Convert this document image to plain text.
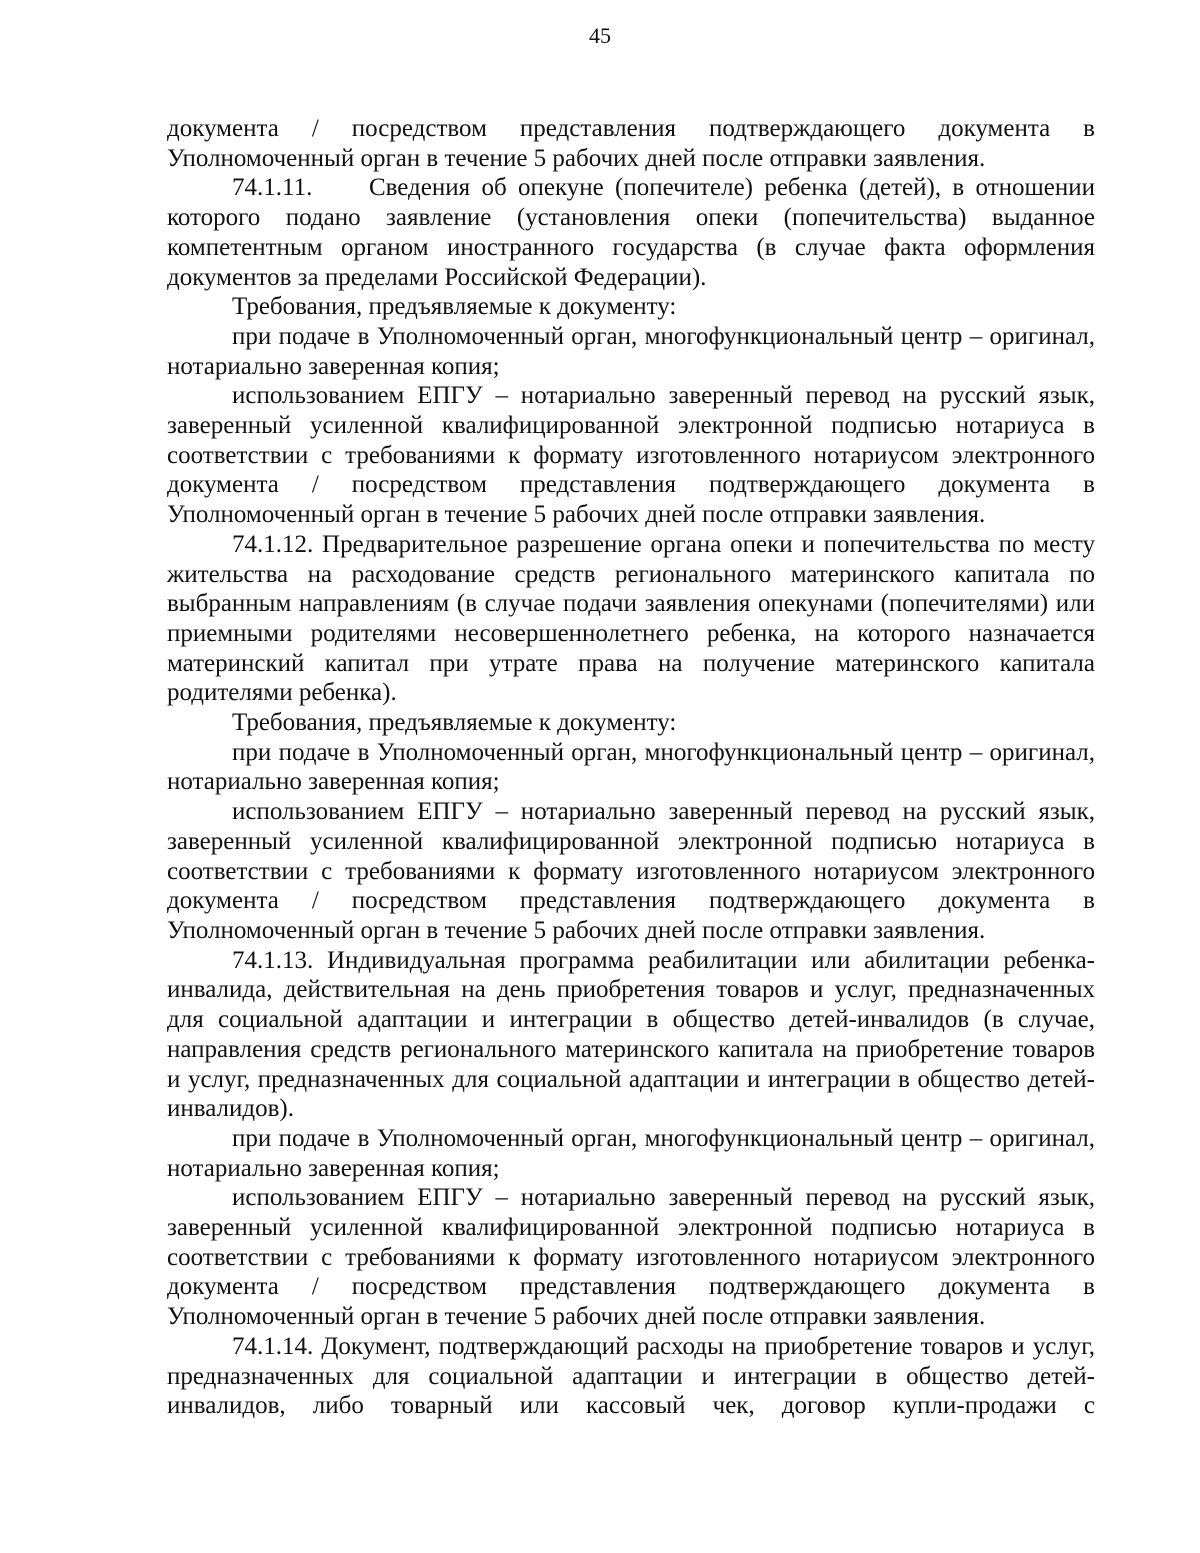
45

документа / посредством представления подтверждающего документа в Уполномоченный орган в течение 5 рабочих дней после отправки заявления.

74.1.11.     Сведения об опекуне (попечителе) ребенка (детей), в отношении которого подано заявление (установления опеки (попечительства) выданное компетентным органом иностранного государства (в случае факта оформления документов за пределами Российской Федерации).

Требования, предъявляемые к документу:

при подаче в Уполномоченный орган, многофункциональный центр – оригинал, нотариально заверенная копия;

использованием ЕПГУ – нотариально заверенный перевод на русский язык, заверенный усиленной квалифицированной электронной подписью нотариуса в соответствии с требованиями к формату изготовленного нотариусом электронного документа / посредством представления подтверждающего документа в Уполномоченный орган в течение 5 рабочих дней после отправки заявления.

74.1.12. Предварительное разрешение органа опеки и попечительства по месту жительства на расходование средств регионального материнского капитала по выбранным направлениям (в случае подачи заявления опекунами (попечителями) или приемными родителями несовершеннолетнего ребенка, на которого назначается материнский капитал при утрате права на получение материнского капитала родителями ребенка).

Требования, предъявляемые к документу:

при подаче в Уполномоченный орган, многофункциональный центр – оригинал, нотариально заверенная копия;

использованием ЕПГУ – нотариально заверенный перевод на русский язык, заверенный усиленной квалифицированной электронной подписью нотариуса в соответствии с требованиями к формату изготовленного нотариусом электронного документа / посредством представления подтверждающего документа в Уполномоченный орган в течение 5 рабочих дней после отправки заявления.

74.1.13. Индивидуальная программа реабилитации или абилитации ребенка-инвалида, действительная на день приобретения товаров и услуг, предназначенных для социальной адаптации и интеграции в общество детей-инвалидов (в случае, направления средств регионального материнского капитала на приобретение товаров и услуг, предназначенных для социальной адаптации и интеграции в общество детей-инвалидов).

при подаче в Уполномоченный орган, многофункциональный центр – оригинал, нотариально заверенная копия;

использованием ЕПГУ – нотариально заверенный перевод на русский язык, заверенный усиленной квалифицированной электронной подписью нотариуса в соответствии с требованиями к формату изготовленного нотариусом электронного документа / посредством представления подтверждающего документа в Уполномоченный орган в течение 5 рабочих дней после отправки заявления.

74.1.14. Документ, подтверждающий расходы на приобретение товаров и услуг, предназначенных для социальной адаптации и интеграции в общество детей-инвалидов, либо товарный или кассовый чек, договор купли-продажи с
